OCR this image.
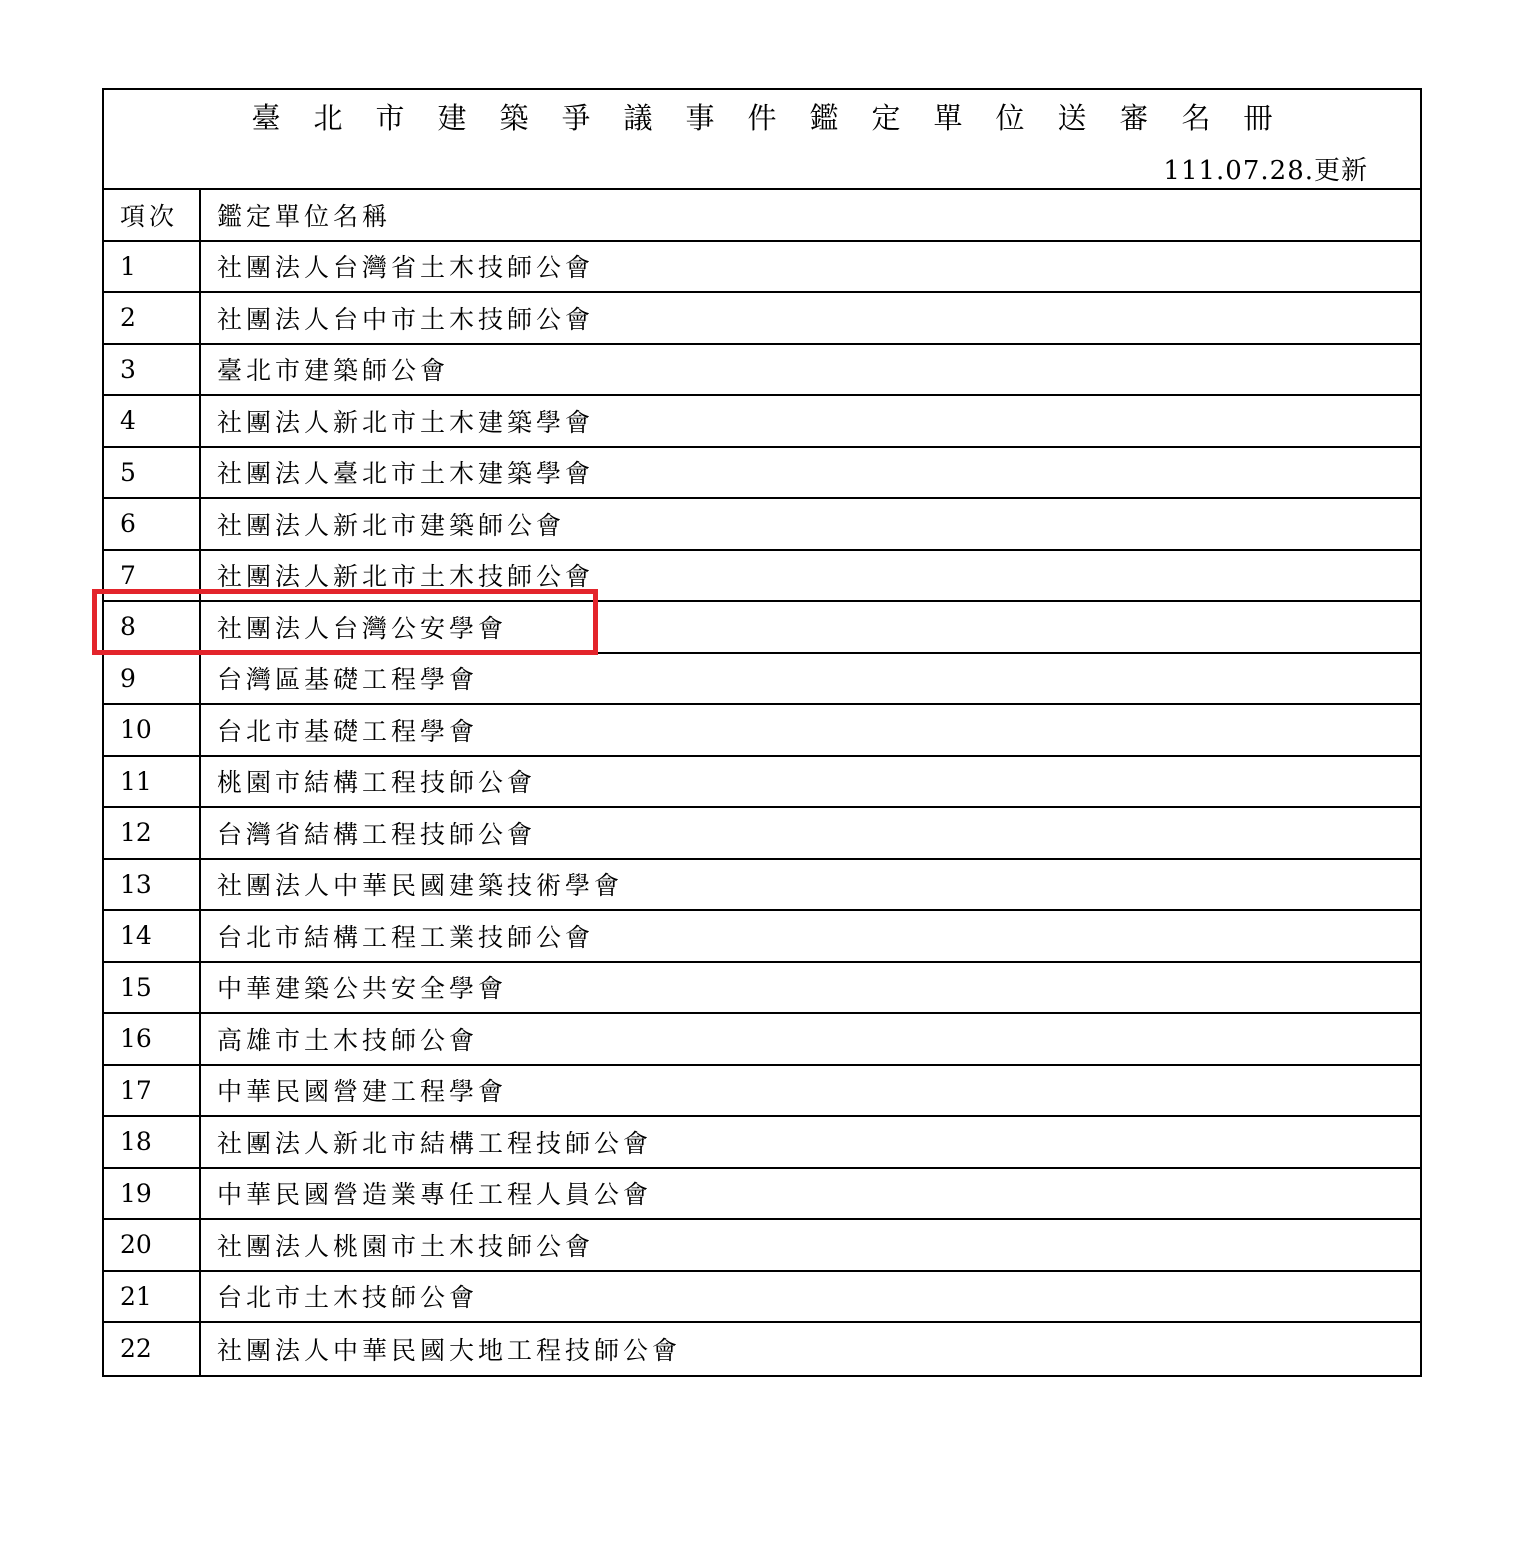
臺北市建築爭議事件鑑定單位送審名冊
111.07.28.更新
項次	鑑定單位名稱
1	社團法人台灣省土木技師公會
2	社團法人台中市土木技師公會
3	臺北市建築師公會
4	社團法人新北市土木建築學會
5	社團法人臺北市土木建築學會
6	社團法人新北市建築師公會
7	社團法人新北市土木技師公會
8	社團法人台灣公安學會
9	台灣區基礎工程學會
10	台北市基礎工程學會
11	桃園市結構工程技師公會
12	台灣省結構工程技師公會
13	社團法人中華民國建築技術學會
14	台北市結構工程工業技師公會
15	中華建築公共安全學會
16	高雄市土木技師公會
17	中華民國營建工程學會
18	社團法人新北市結構工程技師公會
19	中華民國營造業專任工程人員公會
20	社團法人桃園市土木技師公會
21	台北市土木技師公會
22	社團法人中華民國大地工程技師公會
